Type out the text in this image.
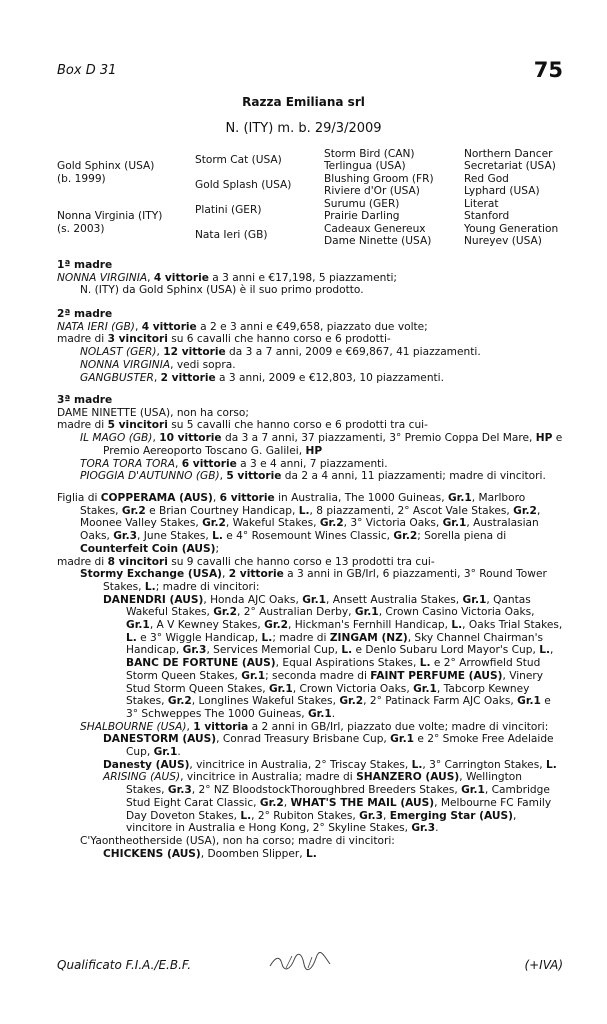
Box D 31	75
Razza Emiliana srl
N. (ITY) m. b. 29/3/2009
Gold Sphinx (USA)
(b. 1999)
Nonna Virginia (ITY)
(s. 2003)
Storm Cat (USA)
Gold Splash (USA)
Platini (GER)
Nata Ieri (GB)
Storm Bird (CAN)
Terlingua (USA)
Blushing Groom (FR)
Riviere d'Or (USA)
Surumu (GER)
Prairie Darling
Cadeaux Genereux
Dame Ninette (USA)
Northern Dancer
Secretariat (USA)
Red God
Lyphard (USA)
Literat
Stanford
Young Generation
Nureyev (USA)

1ª madre

NONNA VIRGINIA, 4 vittorie a 3 anni e €17,198, 5 piazzamenti;

N. (ITY) da Gold Sphinx (USA) è il suo primo prodotto.

2ª madre

NATA IERI (GB), 4 vittorie a 2 e 3 anni e €49,658, piazzato due volte;

madre di 3 vincitori su 6 cavalli che hanno corso e 6 prodotti-

NOLAST (GER), 12 vittorie da 3 a 7 anni, 2009 e €69,867, 41 piazzamenti.

NONNA VIRGINIA, vedi sopra.

GANGBUSTER, 2 vittorie a 3 anni, 2009 e €12,803, 10 piazzamenti.

3ª madre

DAME NINETTE (USA), non ha corso;

madre di 5 vincitori su 5 cavalli che hanno corso e 6 prodotti tra cui-

IL MAGO (GB), 10 vittorie da 3 a 7 anni, 37 piazzamenti, 3° Premio Coppa Del Mare, HP e Premio Aereoporto Toscano G. Galilei, HP

TORA TORA TORA, 6 vittorie a 3 e 4 anni, 7 piazzamenti.

PIOGGIA D'AUTUNNO (GB), 5 vittorie da 2 a 4 anni, 11 piazzamenti; madre di vincitori.

Figlia di COPPERAMA (AUS), 6 vittorie in Australia, The 1000 Guineas, Gr.1, Marlboro Stakes, Gr.2 e Brian Courtney Handicap, L., 8 piazzamenti, 2° Ascot Vale Stakes, Gr.2, Moonee Valley Stakes, Gr.2, Wakeful Stakes, Gr.2, 3° Victoria Oaks, Gr.1, Australasian Oaks, Gr.3, June Stakes, L. e 4° Rosemount Wines Classic, Gr.2; Sorella piena di Counterfeit Coin (AUS);

madre di 8 vincitori su 9 cavalli che hanno corso e 13 prodotti tra cui-

Stormy Exchange (USA), 2 vittorie a 3 anni in GB/Irl, 6 piazzamenti, 3° Round Tower Stakes, L.; madre di vincitori:

DANENDRI (AUS), Honda AJC Oaks, Gr.1, Ansett Australia Stakes, Gr.1, Qantas Wakeful Stakes, Gr.2, 2° Australian Derby, Gr.1, Crown Casino Victoria Oaks, Gr.1, A V Kewney Stakes, Gr.2, Hickman's Fernhill Handicap, L., Oaks Trial Stakes, L. e 3° Wiggle Handicap, L.; madre di ZINGAM (NZ), Sky Channel Chairman's Handicap, Gr.3, Services Memorial Cup, L. e Denlo Subaru Lord Mayor's Cup, L., BANC DE FORTUNE (AUS), Equal Aspirations Stakes, L. e 2° Arrowfield Stud Storm Queen Stakes, Gr.1; seconda madre di FAINT PERFUME (AUS), Vinery Stud Storm Queen Stakes, Gr.1, Crown Victoria Oaks, Gr.1, Tabcorp Kewney Stakes, Gr.2, Longlines Wakeful Stakes, Gr.2, 2° Patinack Farm AJC Oaks, Gr.1 e 3° Schweppes The 1000 Guineas, Gr.1.

SHALBOURNE (USA), 1 vittoria a 2 anni in GB/Irl, piazzato due volte; madre di vincitori:

DANESTORM (AUS), Conrad Treasury Brisbane Cup, Gr.1 e 2° Smoke Free Adelaide Cup, Gr.1.

Danesty (AUS), vincitrice in Australia, 2° Triscay Stakes, L., 3° Carrington Stakes, L.

ARISING (AUS), vincitrice in Australia; madre di SHANZERO (AUS), Wellington Stakes, Gr.3, 2° NZ BloodstockThoroughbred Breeders Stakes, Gr.1, Cambridge Stud Eight Carat Classic, Gr.2, WHAT'S THE MAIL (AUS), Melbourne FC Family Day Doveton Stakes, L., 2° Rubiton Stakes, Gr.3, Emerging Star (AUS), vincitore in Australia e Hong Kong, 2° Skyline Stakes, Gr.3.

C'Yaontheotherside (USA), non ha corso; madre di vincitori:

CHICKENS (AUS), Doomben Slipper, L.

Qualificato F.I.A./E.B.F.	(+IVA)
